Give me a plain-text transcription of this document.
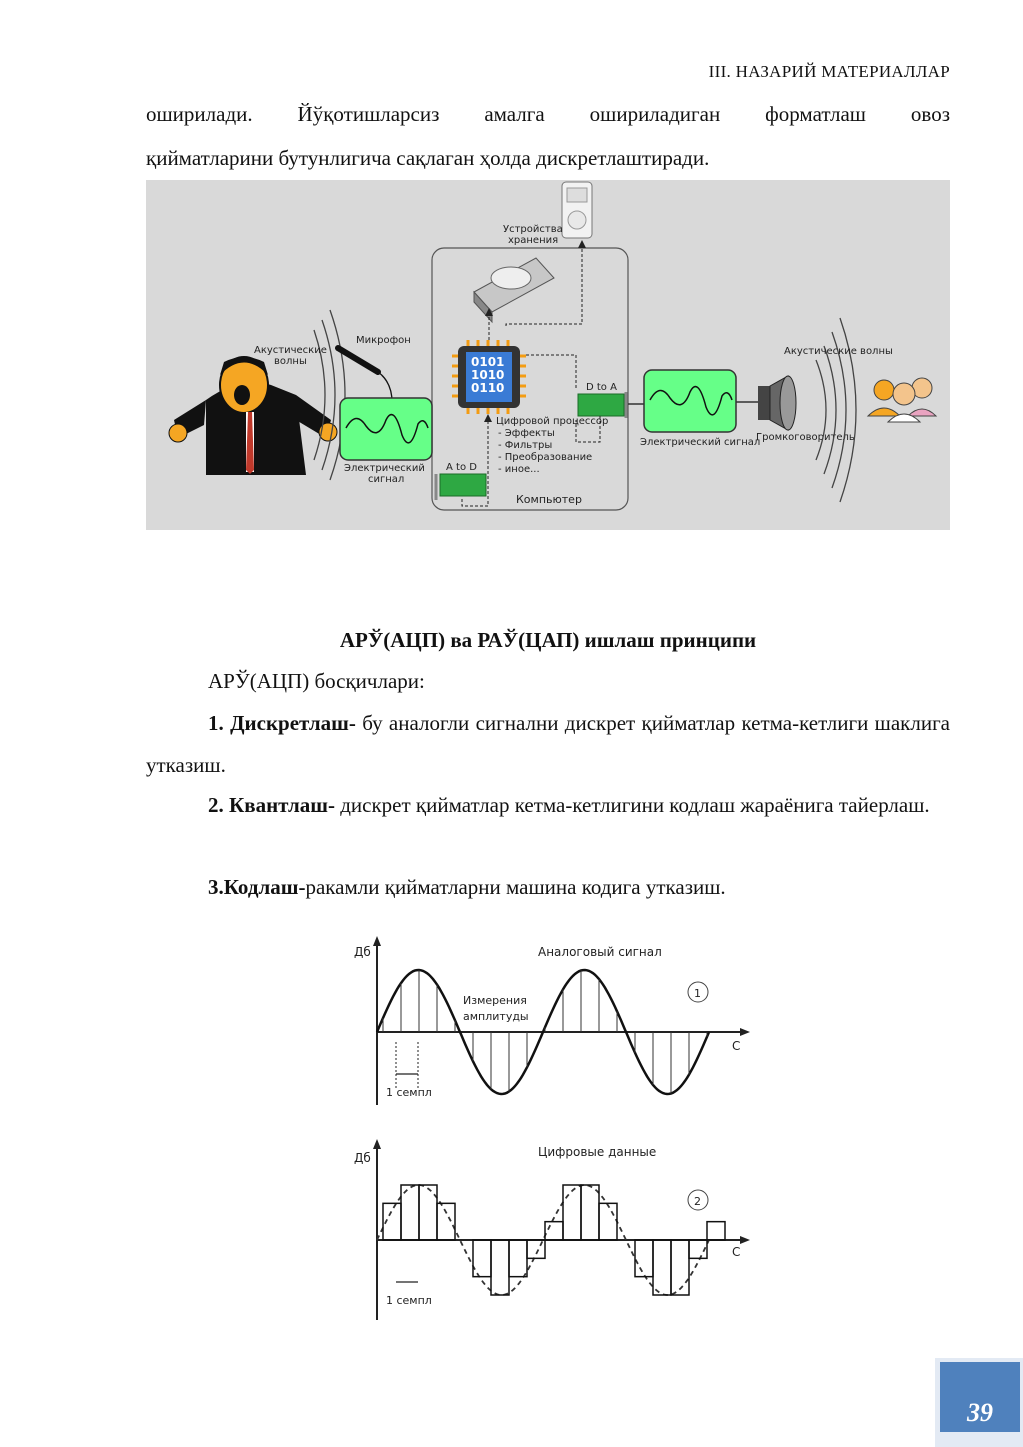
III. НАЗАРИЙ МАТЕРИАЛЛАР
оширилади. Йўқотишларсиз амалга ошириладиган форматлаш овоз
қийматларини бутунлигича сақлаган ҳолда дискретлаштиради.
Компьютер
Акустические
волны
Микрофон
Электрический
сигнал
A to D
Устройства
хранения
0101
1010
0110
Цифровой процессор
- Эффекты
- Фильтры
- Преобразование
- иное...
D to A
Электрический сигнал
Громкоговоритель
Акустические волны
АРЎ(АЦП) ва РАЎ(ЦАП) ишлаш принципи
АРЎ(АЦП) босқичлари:
1. Дискретлаш- бу аналогли сигнални дискрет қийматлар кетма-кетлиги шаклига утказиш.
2. Квантлаш- дискрет қийматлар кетма-кетлигини кодлаш жараёнига тайерлаш.
3.Кодлаш-ракамли қийматларни машина кодига утказиш.
Дб	Аналоговый сигнал
Измерения
амплитуды
С
1 семпл
1
Дб	Цифровые данные
С
1 семпл
2
39
